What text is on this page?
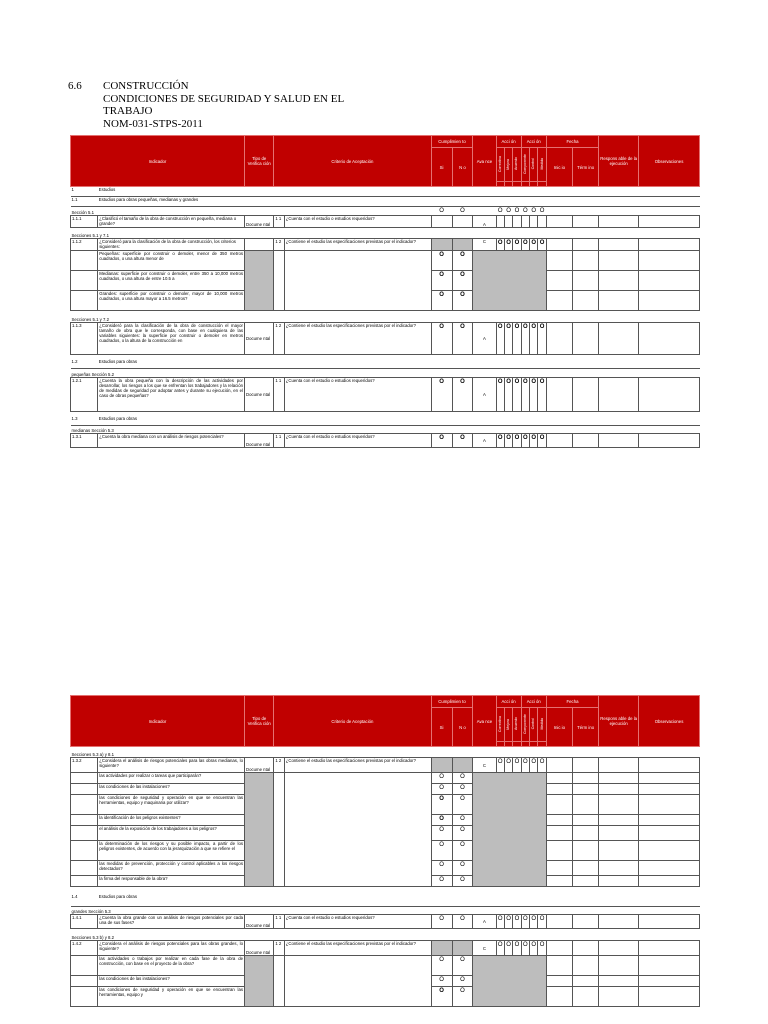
6.6 CONSTRUCCIÓN
CONDICIONES DE SEGURIDAD Y SALUD EN EL
TRABAJO
NOM-031-STPS-2011
Indicador		Tipo de Verifica ción	Criterio de Aceptación		Cumplimien to		Ava nce	Acci ón			Acci ón			Fecha		Respons able de la ejecución	Observaciones
					Si	N o		Correctiva	Mejora	Acuerdo	Componente	Control	Medida	Inic io	Térm ino		

1	Estudios																
1.1	Estudios para obras pequeñas, medianas y grandes																
Sección 5.1					O	O		O	O	O	O	O	O				
1.1.1	¿Clasificó el tamaño de la obra de construcción en pequeña, mediana o grande?	Docume ntal	1 1	¿Cuenta con el estudio o estudios requeridos?			A										
Secciones 5.1 y 7.1																	
1.1.2	¿Consideró para la clasificación de la obra de construcción, los criterios siguientes:		1 2	¿Contiene el estudio las especificaciones previstas por el indicador?			C	O	O	O	O	O	O				
	Pequeñas: superficie por construir o demoler, menor de 350 metros cuadrados, o una altura menor de				O	O											
	Medianas: superficie por construir o demoler, entre 350 a 10,000 metros cuadrados, o una altura de entre 10.5 a				O	O											
	Grandes: superficie por construir o demoler, mayor de 10,000 metros cuadrados, o una altura mayor a 16.5 metros?				O	O											
Secciones 5.1 y 7.2																	
1.1.3	¿Consideró para la clasificación de la obra de construcción el mayor tamaño de obra que le corresponda, con base en cualquiera de las variables siguientes: la superficie por construir o demoler en metros cuadrados, o la altura de la construcción en	Docume ntal	1 2	¿Contiene el estudio las especificaciones previstas por el indicador?	O	O	A	O	O	O	O	O	O				
1.2	Estudios para obras																
pequeñas Sección 5.2																	
1.2.1	¿Cuenta la obra pequeña con la descripción de las actividades por desarrollar, los riesgos a los que se enfrentan los trabajadores y la relación de medidas de seguridad por adoptar antes y durante su ejecución, en el caso de obras pequeñas?	Docume ntal	1 1	¿Cuenta con el estudio o estudios requeridos?	O	O	A	O	O	O	O	O	O				
1.3	Estudios para obras																
medianas Sección 5.3																	
1.3.1	¿Cuenta la obra mediana con un análisis de riesgos potenciales?	Docume ntal	1 1	¿Cuenta con el estudio o estudios requeridos?	O	O	A	O	O	O	O	O	O				
Indicador		Tipo de Verifica ción	Criterio de Aceptación		Cumplimien to		Ava nce	Acci ón			Acci ón			Fecha		Respons able de la ejecución	Observaciones
					Si	N o		Correctiva	Mejora	Acuerdo	Componente	Control	Medida	Inic io	Térm ino		

Secciones 5.3 a) y 8.1																	
1.3.2	¿Considera el análisis de riesgos potenciales para las obras medianas, lo siguiente?	Docume ntal	1 2	¿Contiene el estudio las especificaciones previstas por el indicador?			C	O	O	O	O	O	O				
	las actividades por realizar o tareas que participarán?				O	O											
	las condiciones de las instalaciones?				O	O											
	las condiciones de seguridad y operación en que se encuentran las herramientas, equipo y maquinaria por utilizar?				O	O											
	la identificación de los peligros existentes?				O	O											
	el análisis de la exposición de los trabajadores a los peligros?				O	O											
	la determinación de los riesgos y su posible impacto, a partir de los peligros existentes, de acuerdo con la jerarquización a que se refiere el				O	O											
	las medidas de prevención, protección y control aplicables a los riesgos detectados?				O	O											
	la firma del responsable de la obra?				O	O											
1.4	Estudios para obras																
grandes Sección 5.3																	
1.4.1	¿Cuenta la obra grande con un análisis de riesgos potenciales por cada una de sus fases?	Docume ntal	1 1	¿Cuenta con el estudio o estudios requeridos?	O	O	A	O	O	O	O	O	O				
Secciones 5.3 b) y 8.2																	
1.4.2	¿Considera el análisis de riesgos potenciales para las obras grandes, lo siguiente?	Docume ntal	1 2	¿Contiene el estudio las especificaciones previstas por el indicador?			C	O	O	O	O	O	O				
	las actividades o trabajos por realizar en cada fase de la obra de construcción, con base en el proyecto de la obra?				O	O											
	las condiciones de las instalaciones?				O	O											
	las condiciones de seguridad y operación en que se encuentran las herramientas, equipo y				O	O											
